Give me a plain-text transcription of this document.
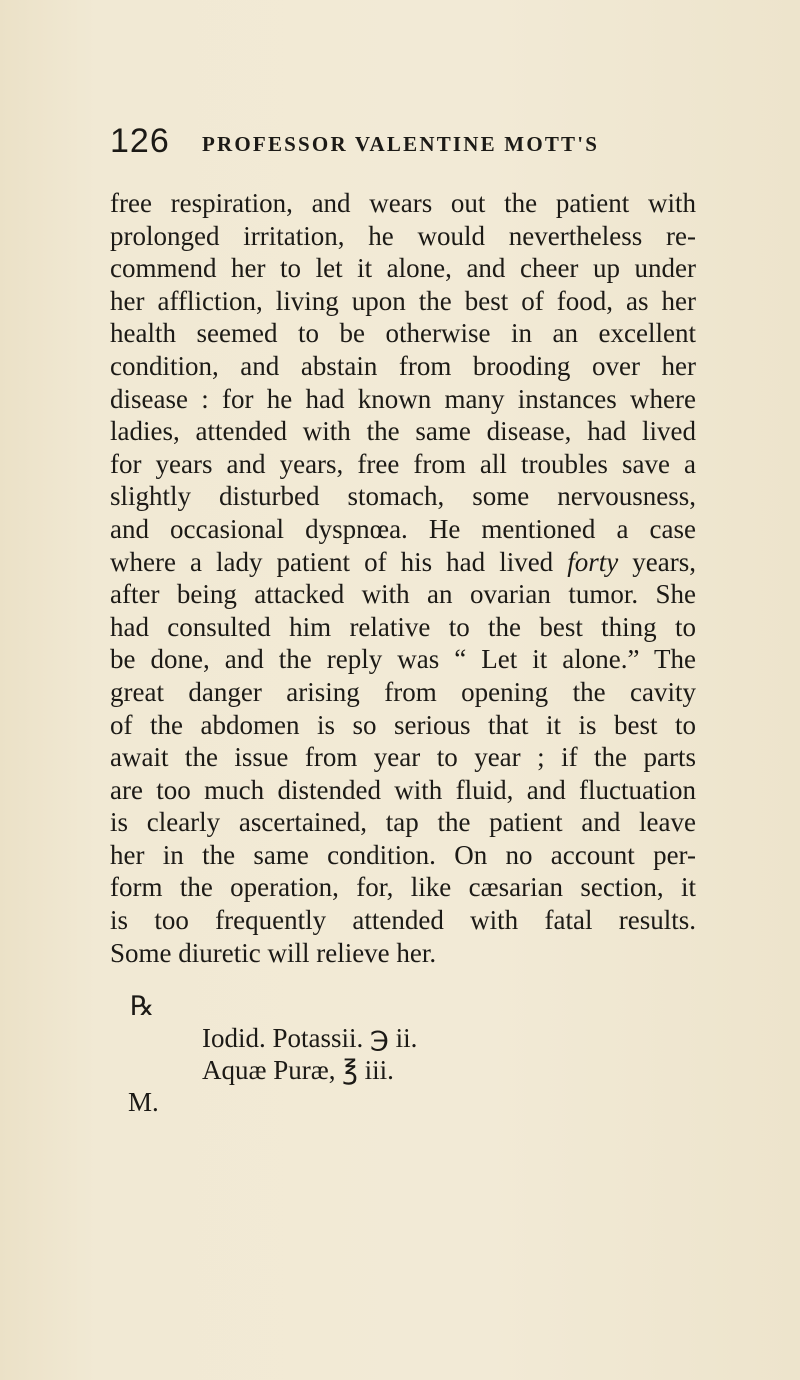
126 PROFESSOR VALENTINE MOTT'S
free respiration, and wears out the patient with
prolonged irritation, he would nevertheless re-
commend her to let it alone, and cheer up under
her affliction, living upon the best of food, as her
health seemed to be otherwise in an excellent
condition, and abstain from brooding over her
disease : for he had known many instances where
ladies, attended with the same disease, had lived
for years and years, free from all troubles save a
slightly disturbed stomach, some nervousness,
and occasional dyspnœa. He mentioned a case
where a lady patient of his had lived forty years,
after being attacked with an ovarian tumor. She
had consulted him relative to the best thing to
be done, and the reply was “ Let it alone.” The
great danger arising from opening the cavity
of the abdomen is so serious that it is best to
await the issue from year to year ; if the parts
are too much distended with fluid, and fluctuation
is clearly ascertained, tap the patient and leave
her in the same condition. On no account per-
form the operation, for, like cæsarian section, it
is too frequently attended with fatal results.
Some diuretic will relieve her.
℞
Iodid. Potassii. ℈ ii.
Aquæ Puræ, ℥ iii.
M.
